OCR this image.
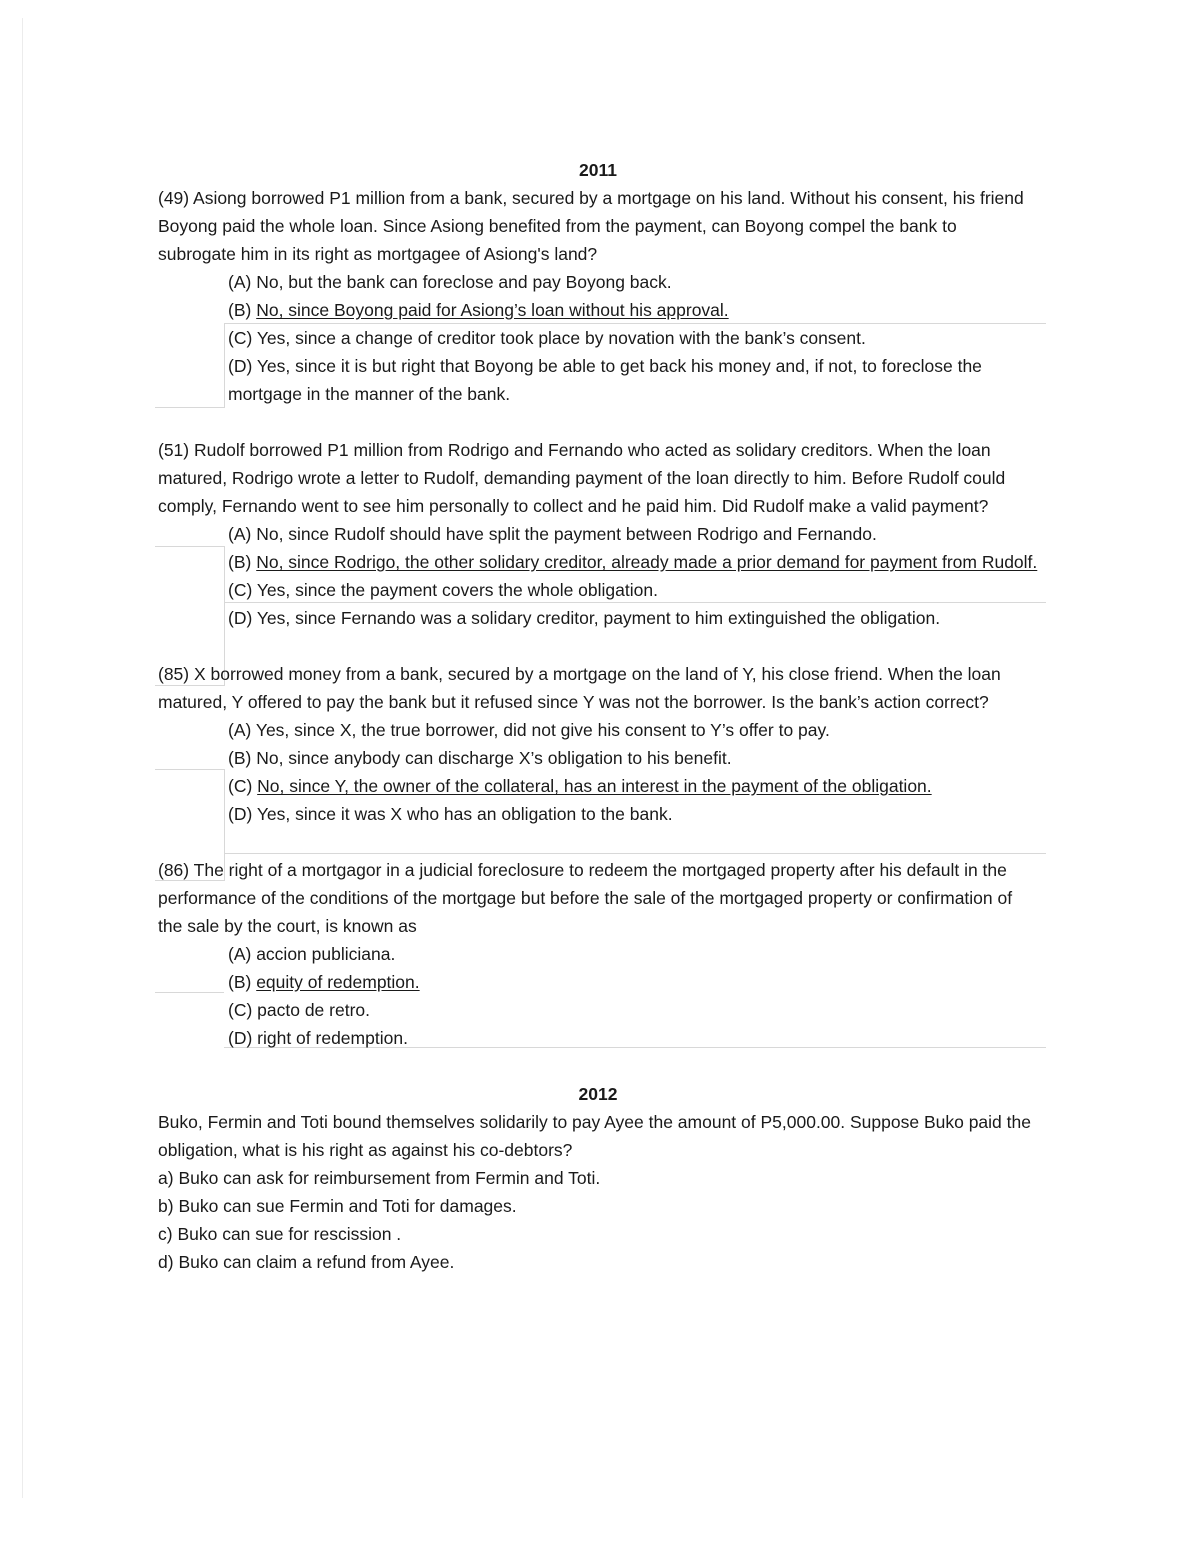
2011

(49) Asiong borrowed P1 million from a bank, secured by a mortgage on his land. Without his consent, his friend Boyong paid the whole loan. Since Asiong benefited from the payment, can Boyong compel the bank to subrogate him in its right as mortgagee of Asiong's land?

(A) No, but the bank can foreclose and pay Boyong back.

(B) No, since Boyong paid for Asiong’s loan without his approval.

(C) Yes, since a change of creditor took place by novation with the bank’s consent.

(D) Yes, since it is but right that Boyong be able to get back his money and, if not, to foreclose the mortgage in the manner of the bank.

(51) Rudolf borrowed P1 million from Rodrigo and Fernando who acted as solidary creditors. When the loan matured, Rodrigo wrote a letter to Rudolf, demanding payment of the loan directly to him. Before Rudolf could comply, Fernando went to see him personally to collect and he paid him. Did Rudolf make a valid payment?

(A) No, since Rudolf should have split the payment between Rodrigo and Fernando.

(B) No, since Rodrigo, the other solidary creditor, already made a prior demand for payment from Rudolf.

(C) Yes, since the payment covers the whole obligation.

(D) Yes, since Fernando was a solidary creditor, payment to him extinguished the obligation.

(85) X borrowed money from a bank, secured by a mortgage on the land of Y, his close friend. When the loan matured, Y offered to pay the bank but it refused since Y was not the borrower. Is the bank’s action correct?

(A) Yes, since X, the true borrower, did not give his consent to Y’s offer to pay.

(B) No, since anybody can discharge X’s obligation to his benefit.

(C) No, since Y, the owner of the collateral, has an interest in the payment of the obligation.

(D) Yes, since it was X who has an obligation to the bank.

(86) The right of a mortgagor in a judicial foreclosure to redeem the mortgaged property after his default in the performance of the conditions of the mortgage but before the sale of the mortgaged property or confirmation of the sale by the court, is known as

(A) accion publiciana.

(B) equity of redemption.

(C) pacto de retro.

(D) right of redemption.

2012

Buko, Fermin and Toti bound themselves solidarily to pay Ayee the amount of P5,000.00. Suppose Buko paid the obligation, what is his right as against his co-debtors?

a) Buko can ask for reimbursement from Fermin and Toti.

b) Buko can sue Fermin and Toti for damages.

c) Buko can sue for rescission .

d) Buko can claim a refund from Ayee.
